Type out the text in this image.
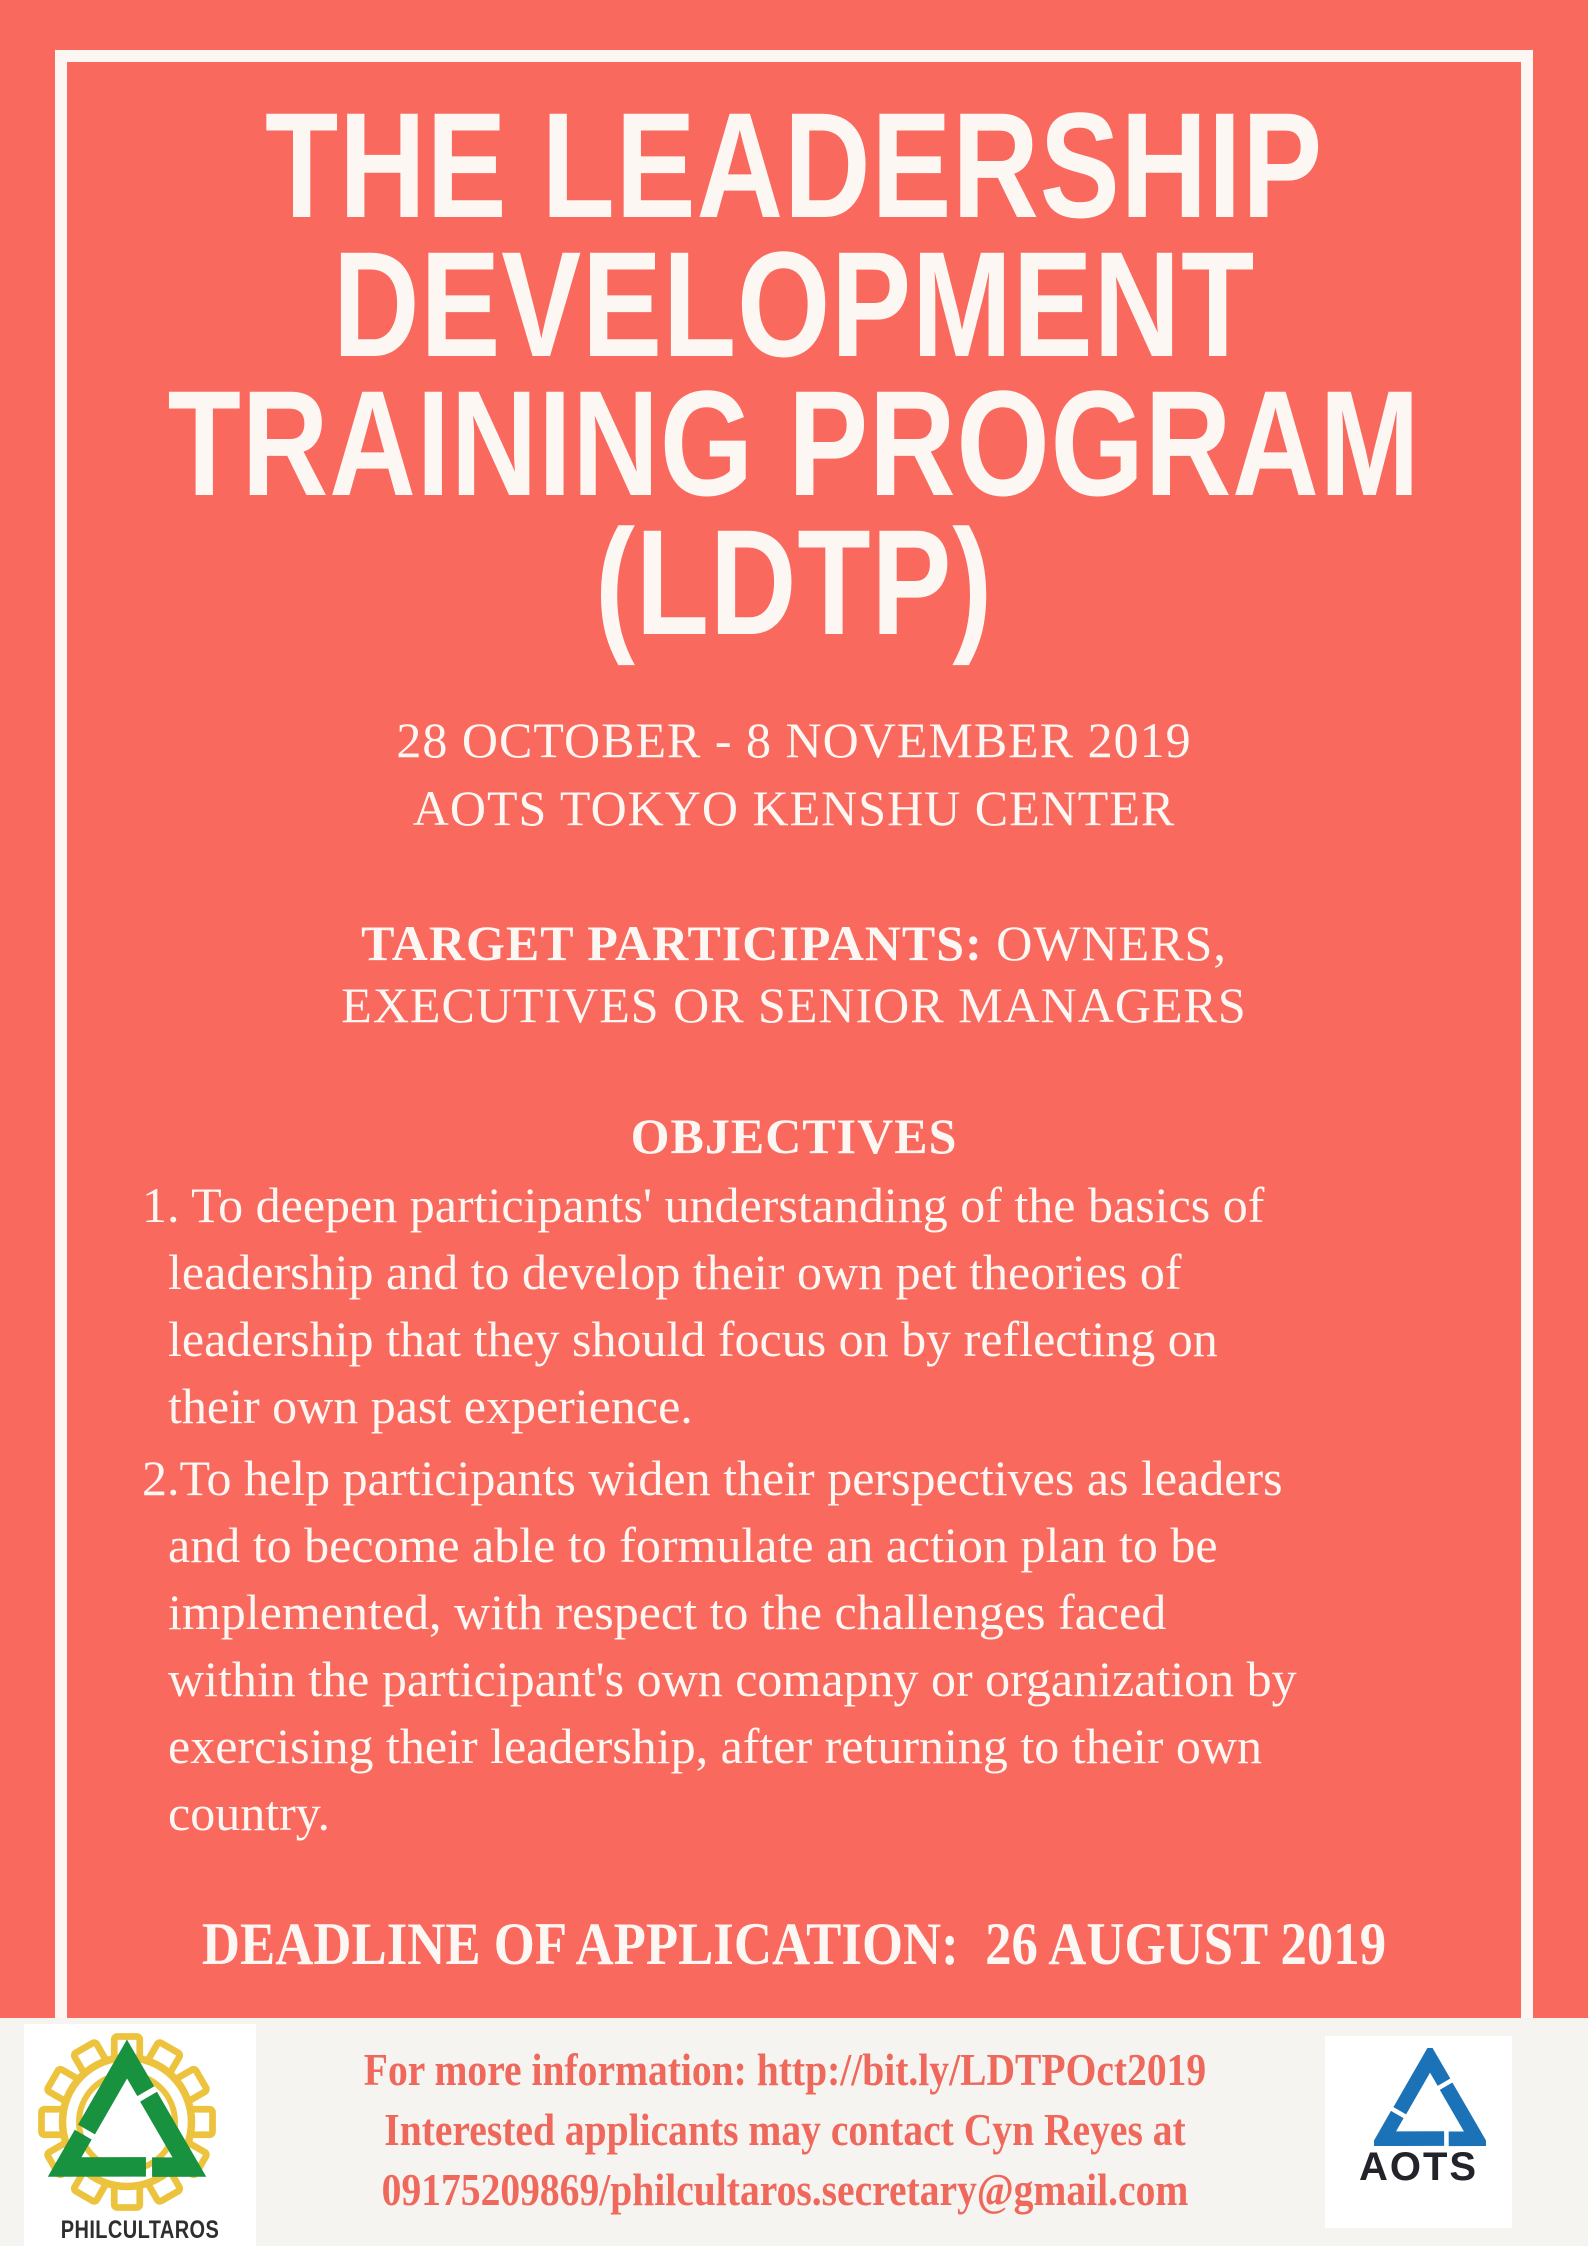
THE LEADERSHIP
DEVELOPMENT
TRAINING PROGRAM
(LDTP)
28 OCTOBER - 8 NOVEMBER 2019
AOTS TOKYO KENSHU CENTER
TARGET PARTICIPANTS: OWNERS,
EXECUTIVES OR SENIOR MANAGERS
OBJECTIVES
1. To deepen participants' understanding of the basics of
leadership and to develop their own pet theories of
leadership that they should focus on by reflecting on
their own past experience.
2.To help participants widen their perspectives as leaders
and to become able to formulate an action plan to be
implemented, with respect to the challenges faced
within the participant's own comapny or organization by
exercising their leadership, after returning to their own
country.
DEADLINE OF APPLICATION:  26 AUGUST 2019
PHILCULTAROS
For more information: http://bit.ly/LDTPOct2019
Interested applicants may contact Cyn Reyes at
09175209869/philcultaros.secretary@gmail.com	AOTS
